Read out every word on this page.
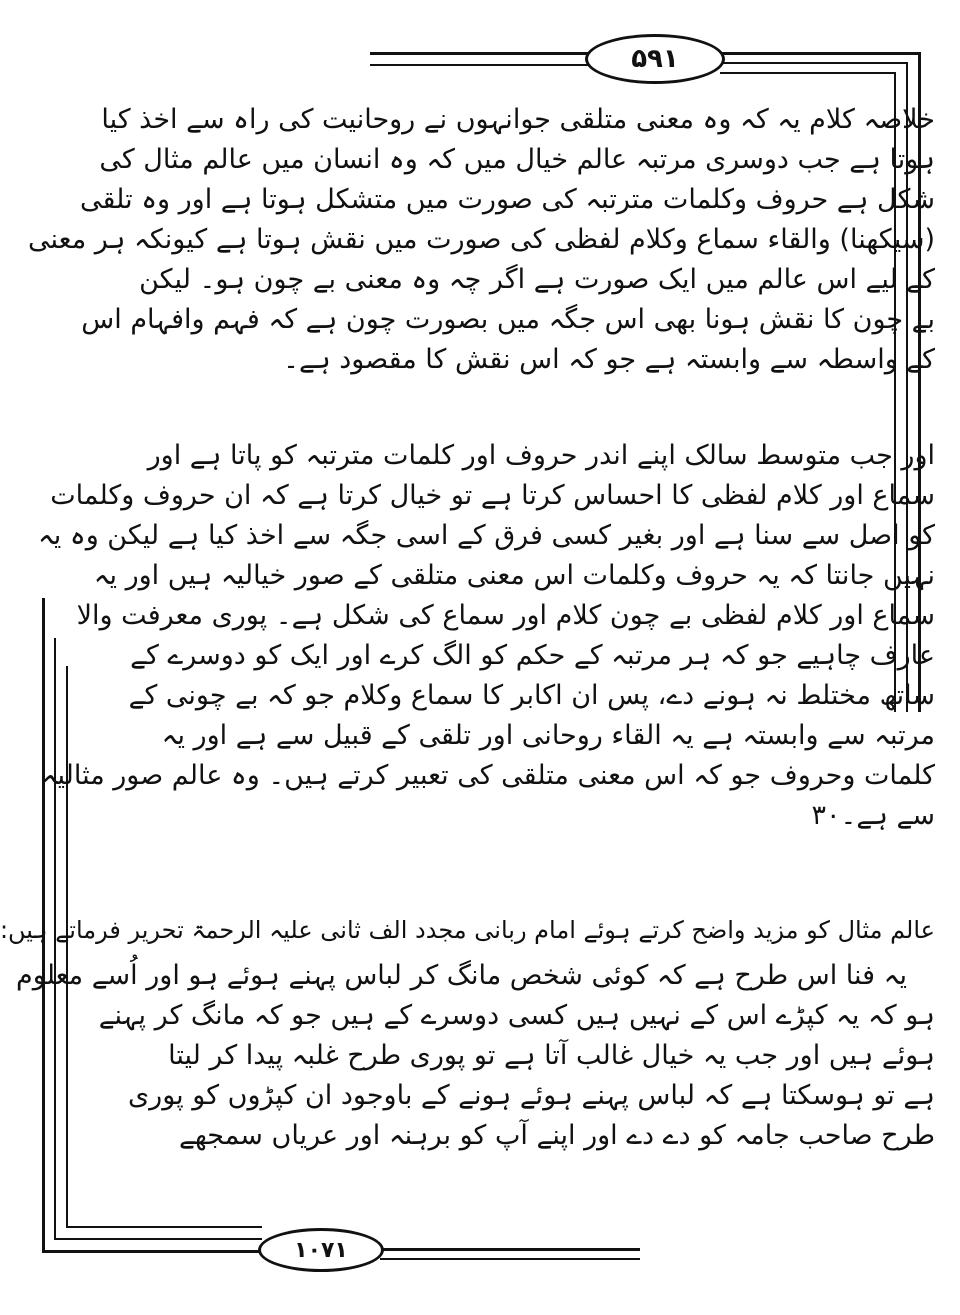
۵۹۱
۱۰۷۱
خلاصہ کلام یہ کہ وہ معنی متلقی جوانہوں نے روحانیت کی راہ سے اخذ کیا
ہوتا ہے جب دوسری مرتبہ عالم خیال میں کہ وہ انسان میں عالم مثال کی
شکل ہے حروف وکلمات مترتبہ کی صورت میں متشکل ہوتا ہے اور وہ تلقی
(سیکھنا) والقاء سماع وکلام لفظی کی صورت میں نقش ہوتا ہے کیونکہ ہر معنی
کے لیے اس عالم میں ایک صورت ہے اگر چہ وہ معنی بے چون ہو۔ لیکن
بے چون کا نقش ہونا بھی اس جگہ میں بصورت چون ہے کہ فہم وافہام اس
کے واسطہ سے وابستہ ہے جو کہ اس نقش کا مقصود ہے۔
اور جب متوسط سالک اپنے اندر حروف اور کلمات مترتبہ کو پاتا ہے اور
سماع اور کلام لفظی کا احساس کرتا ہے تو خیال کرتا ہے کہ ان حروف وکلمات
کو اصل سے سنا ہے اور بغیر کسی فرق کے اسی جگہ سے اخذ کیا ہے لیکن وہ یہ
نہیں جانتا کہ یہ حروف وکلمات اس معنی متلقی کے صور خیالیہ ہیں اور یہ
سماع اور کلام لفظی بے چون کلام اور سماع کی شکل ہے۔ پوری معرفت والا
عارف چاہیے جو کہ ہر مرتبہ کے حکم کو الگ کرے اور ایک کو دوسرے کے
ساتھ مختلط نہ ہونے دے، پس ان اکابر کا سماع وکلام جو کہ بے چونی کے
مرتبہ سے وابستہ ہے یہ القاء روحانی اور تلقی کے قبیل سے ہے اور یہ
کلمات وحروف جو کہ اس معنی متلقی کی تعبیر کرتے ہیں۔ وہ عالم صور مثالیہ
سے ہے۔۳۰
عالم مثال کو مزید واضح کرتے ہوئے امام ربانی مجدد الف ثانی علیہ الرحمۃ تحریر فرماتے ہیں:
یہ فنا اس طرح ہے کہ کوئی شخص مانگ کر لباس پہنے ہوئے ہو اور اُسے معلوم
ہو کہ یہ کپڑے اس کے نہیں ہیں کسی دوسرے کے ہیں جو کہ مانگ کر پہنے
ہوئے ہیں اور جب یہ خیال غالب آتا ہے تو پوری طرح غلبہ پیدا کر لیتا
ہے تو ہوسکتا ہے کہ لباس پہنے ہوئے ہونے کے باوجود ان کپڑوں کو پوری
طرح صاحب جامہ کو دے دے اور اپنے آپ کو برہنہ اور عریاں سمجھے
